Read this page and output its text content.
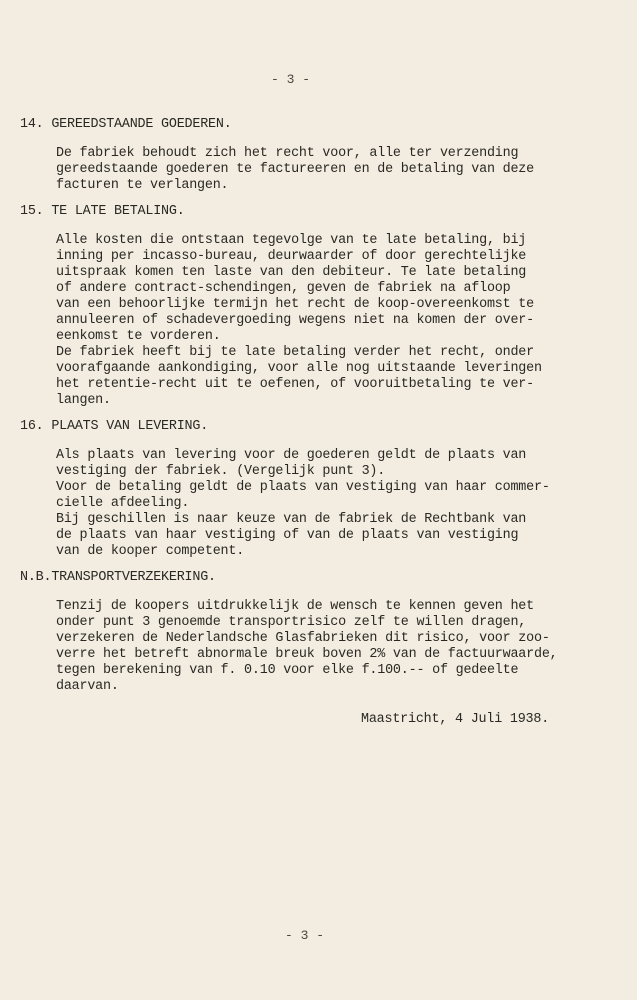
- 3 -
14. GEREEDSTAANDE GOEDEREN.
De fabriek behoudt zich het recht voor, alle ter verzending
gereedstaande goederen te factureeren en de betaling van deze
facturen te verlangen.
15. TE LATE BETALING.
Alle kosten die ontstaan tegevolge van te late betaling, bij
inning per incasso-bureau, deurwaarder of door gerechtelijke
uitspraak komen ten laste van den debiteur. Te late betaling
of andere contract-schendingen, geven de fabriek na afloop
van een behoorlijke termijn het recht de koop-overeenkomst te
annuleeren of schadevergoeding wegens niet na komen der over-
eenkomst te vorderen.
De fabriek heeft bij te late betaling verder het recht, onder
voorafgaande aankondiging, voor alle nog uitstaande leveringen
het retentie-recht uit te oefenen, of vooruitbetaling te ver-
langen.
16. PLAATS VAN LEVERING.
Als plaats van levering voor de goederen geldt de plaats van
vestiging der fabriek. (Vergelijk punt 3).
Voor de betaling geldt de plaats van vestiging van haar commer-
cielle afdeeling.
Bij geschillen is naar keuze van de fabriek de Rechtbank van
de plaats van haar vestiging of van de plaats van vestiging
van de kooper competent.
N.B.TRANSPORTVERZEKERING.
Tenzij de koopers uitdrukkelijk de wensch te kennen geven het
onder punt 3 genoemde transportrisico zelf te willen dragen,
verzekeren de Nederlandsche Glasfabrieken dit risico, voor zoo-
verre het betreft abnormale breuk boven 2% van de factuurwaarde,
tegen berekening van f. 0.10 voor elke f.100.-- of gedeelte
daarvan.
Maastricht, 4 Juli 1938.
- 3 -
